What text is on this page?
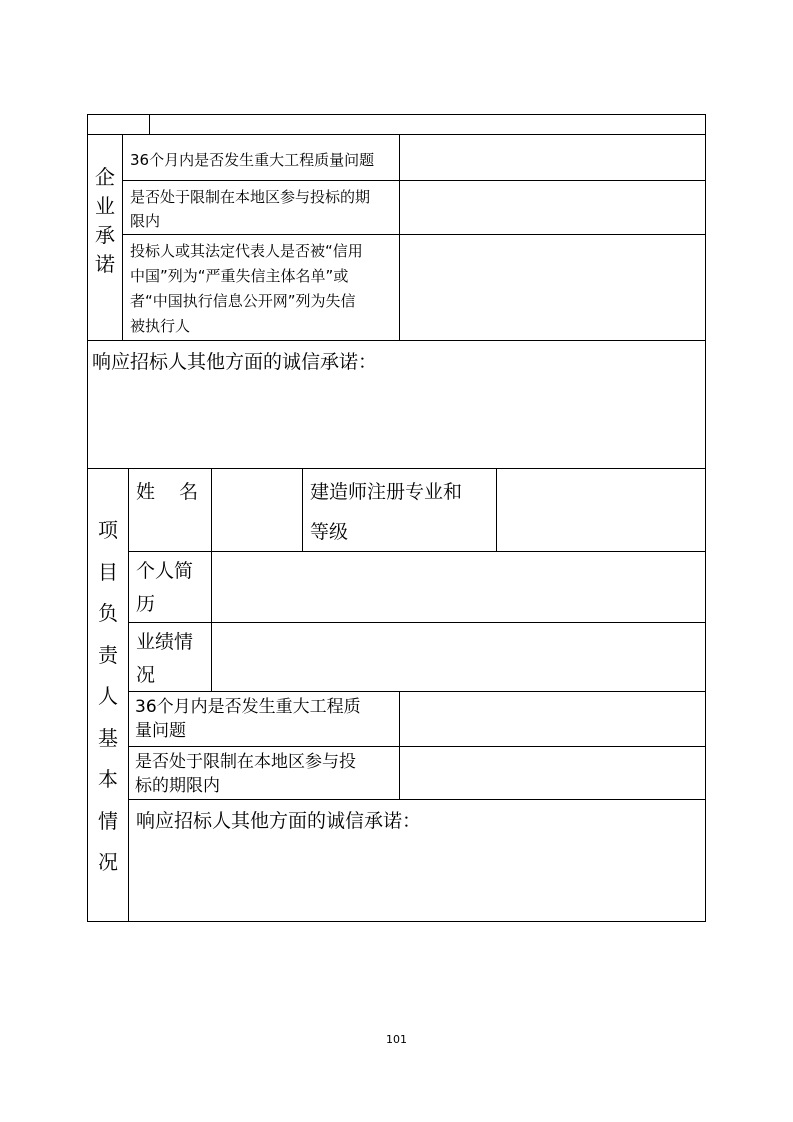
企
业
承
诺
36个月内是否发生重大工程质量问题
是否处于限制在本地区参与投标的期
限内
投标人或其法定代表人是否被“信用
中国”列为“严重失信主体名单”或
者“中国执行信息公开网”列为失信
被执行人
响应招标人其他方面的诚信承诺：
项
目
负
责
人
基
本
情
况
姓    名	建造师注册专业和
等级
个人简
历
业绩情
况
36个月内是否发生重大工程质
量问题
是否处于限制在本地区参与投
标的期限内
响应招标人其他方面的诚信承诺：
101
